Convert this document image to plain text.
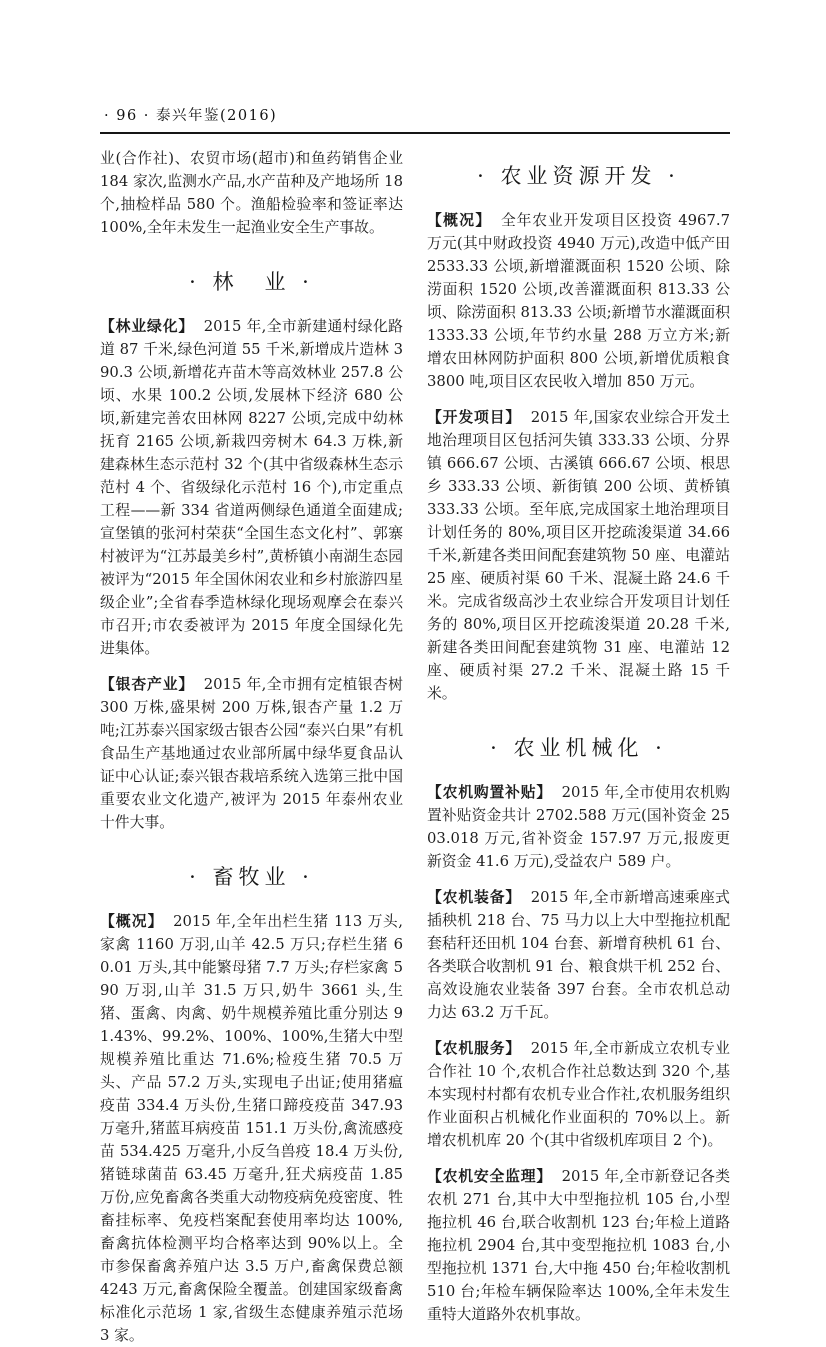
· 96 · 泰兴年鉴(2016)

业(合作社)、农贸市场(超市)和鱼药销售企业 184 家次,监测水产品,水产苗种及产地场所 18 个,抽检样品 580 个。渔船检验率和签证率达 100%,全年未发生一起渔业安全生产事故。

· 林　业 ·

【林业绿化】 2015 年,全市新建通村绿化路道 87 千米,绿色河道 55 千米,新增成片造林 390.3 公顷,新增花卉苗木等高效林业 257.8 公顷、水果 100.2 公顷,发展林下经济 680 公顷,新建完善农田林网 8227 公顷,完成中幼林抚育 2165 公顷,新栽四旁树木 64.3 万株,新建森林生态示范村 32 个(其中省级森林生态示范村 4 个、省级绿化示范村 16 个),市定重点工程——新 334 省道两侧绿色通道全面建成;宣堡镇的张河村荣获“全国生态文化村”、郭寨村被评为“江苏最美乡村”,黄桥镇小南湖生态园被评为“2015 年全国休闲农业和乡村旅游四星级企业”;全省春季造林绿化现场观摩会在泰兴市召开;市农委被评为 2015 年度全国绿化先进集体。

【银杏产业】 2015 年,全市拥有定植银杏树 300 万株,盛果树 200 万株,银杏产量 1.2 万吨;江苏泰兴国家级古银杏公园“泰兴白果”有机食品生产基地通过农业部所属中绿华夏食品认证中心认证;泰兴银杏栽培系统入选第三批中国重要农业文化遗产,被评为 2015 年泰州农业十件大事。

· 畜牧业 ·

【概况】 2015 年,全年出栏生猪 113 万头,家禽 1160 万羽,山羊 42.5 万只;存栏生猪 60.01 万头,其中能繁母猪 7.7 万头;存栏家禽 590 万羽,山羊 31.5 万只,奶牛 3661 头,生猪、蛋禽、肉禽、奶牛规模养殖比重分别达 91.43%、99.2%、100%、100%,生猪大中型规模养殖比重达 71.6%;检疫生猪 70.5 万头、产品 57.2 万头,实现电子出证;使用猪瘟疫苗 334.4 万头份,生猪口蹄疫疫苗 347.93 万毫升,猪蓝耳病疫苗 151.1 万头份,禽流感疫苗 534.425 万毫升,小反刍兽疫 18.4 万头份,猪链球菌苗 63.45 万毫升,狂犬病疫苗 1.85 万份,应免畜禽各类重大动物疫病免疫密度、牲畜挂标率、免疫档案配套使用率均达 100%,畜禽抗体检测平均合格率达到 90%以上。全市参保畜禽养殖户达 3.5 万户,畜禽保费总额 4243 万元,畜禽保险全覆盖。创建国家级畜禽标准化示范场 1 家,省级生态健康养殖示范场 3 家。

· 农业资源开发 ·

【概况】 全年农业开发项目区投资 4967.7 万元(其中财政投资 4940 万元),改造中低产田 2533.33 公顷,新增灌溉面积 1520 公顷、除涝面积 1520 公顷,改善灌溉面积 813.33 公顷、除涝面积 813.33 公顷;新增节水灌溉面积 1333.33 公顷,年节约水量 288 万立方米;新增农田林网防护面积 800 公顷,新增优质粮食 3800 吨,项目区农民收入增加 850 万元。

【开发项目】 2015 年,国家农业综合开发土地治理项目区包括河失镇 333.33 公顷、分界镇 666.67 公顷、古溪镇 666.67 公顷、根思乡 333.33 公顷、新街镇 200 公顷、黄桥镇 333.33 公顷。至年底,完成国家土地治理项目计划任务的 80%,项目区开挖疏浚渠道 34.66 千米,新建各类田间配套建筑物 50 座、电灌站 25 座、硬质衬渠 60 千米、混凝土路 24.6 千米。完成省级高沙土农业综合开发项目计划任务的 80%,项目区开挖疏浚渠道 20.28 千米,新建各类田间配套建筑物 31 座、电灌站 12 座、硬质衬渠 27.2 千米、混凝土路 15 千米。

· 农业机械化 ·

【农机购置补贴】 2015 年,全市使用农机购置补贴资金共计 2702.588 万元(国补资金 2503.018 万元,省补资金 157.97 万元,报废更新资金 41.6 万元),受益农户 589 户。

【农机装备】 2015 年,全市新增高速乘座式插秧机 218 台、75 马力以上大中型拖拉机配套秸秆还田机 104 台套、新增育秧机 61 台、各类联合收割机 91 台、粮食烘干机 252 台、高效设施农业装备 397 台套。全市农机总动力达 63.2 万千瓦。

【农机服务】 2015 年,全市新成立农机专业合作社 10 个,农机合作社总数达到 320 个,基本实现村村都有农机专业合作社,农机服务组织作业面积占机械化作业面积的 70%以上。新增农机机库 20 个(其中省级机库项目 2 个)。

【农机安全监理】 2015 年,全市新登记各类农机 271 台,其中大中型拖拉机 105 台,小型拖拉机 46 台,联合收割机 123 台;年检上道路拖拉机 2904 台,其中变型拖拉机 1083 台,小型拖拉机 1371 台,大中拖 450 台;年检收割机 510 台;年检车辆保险率达 100%,全年未发生重特大道路外农机事故。
